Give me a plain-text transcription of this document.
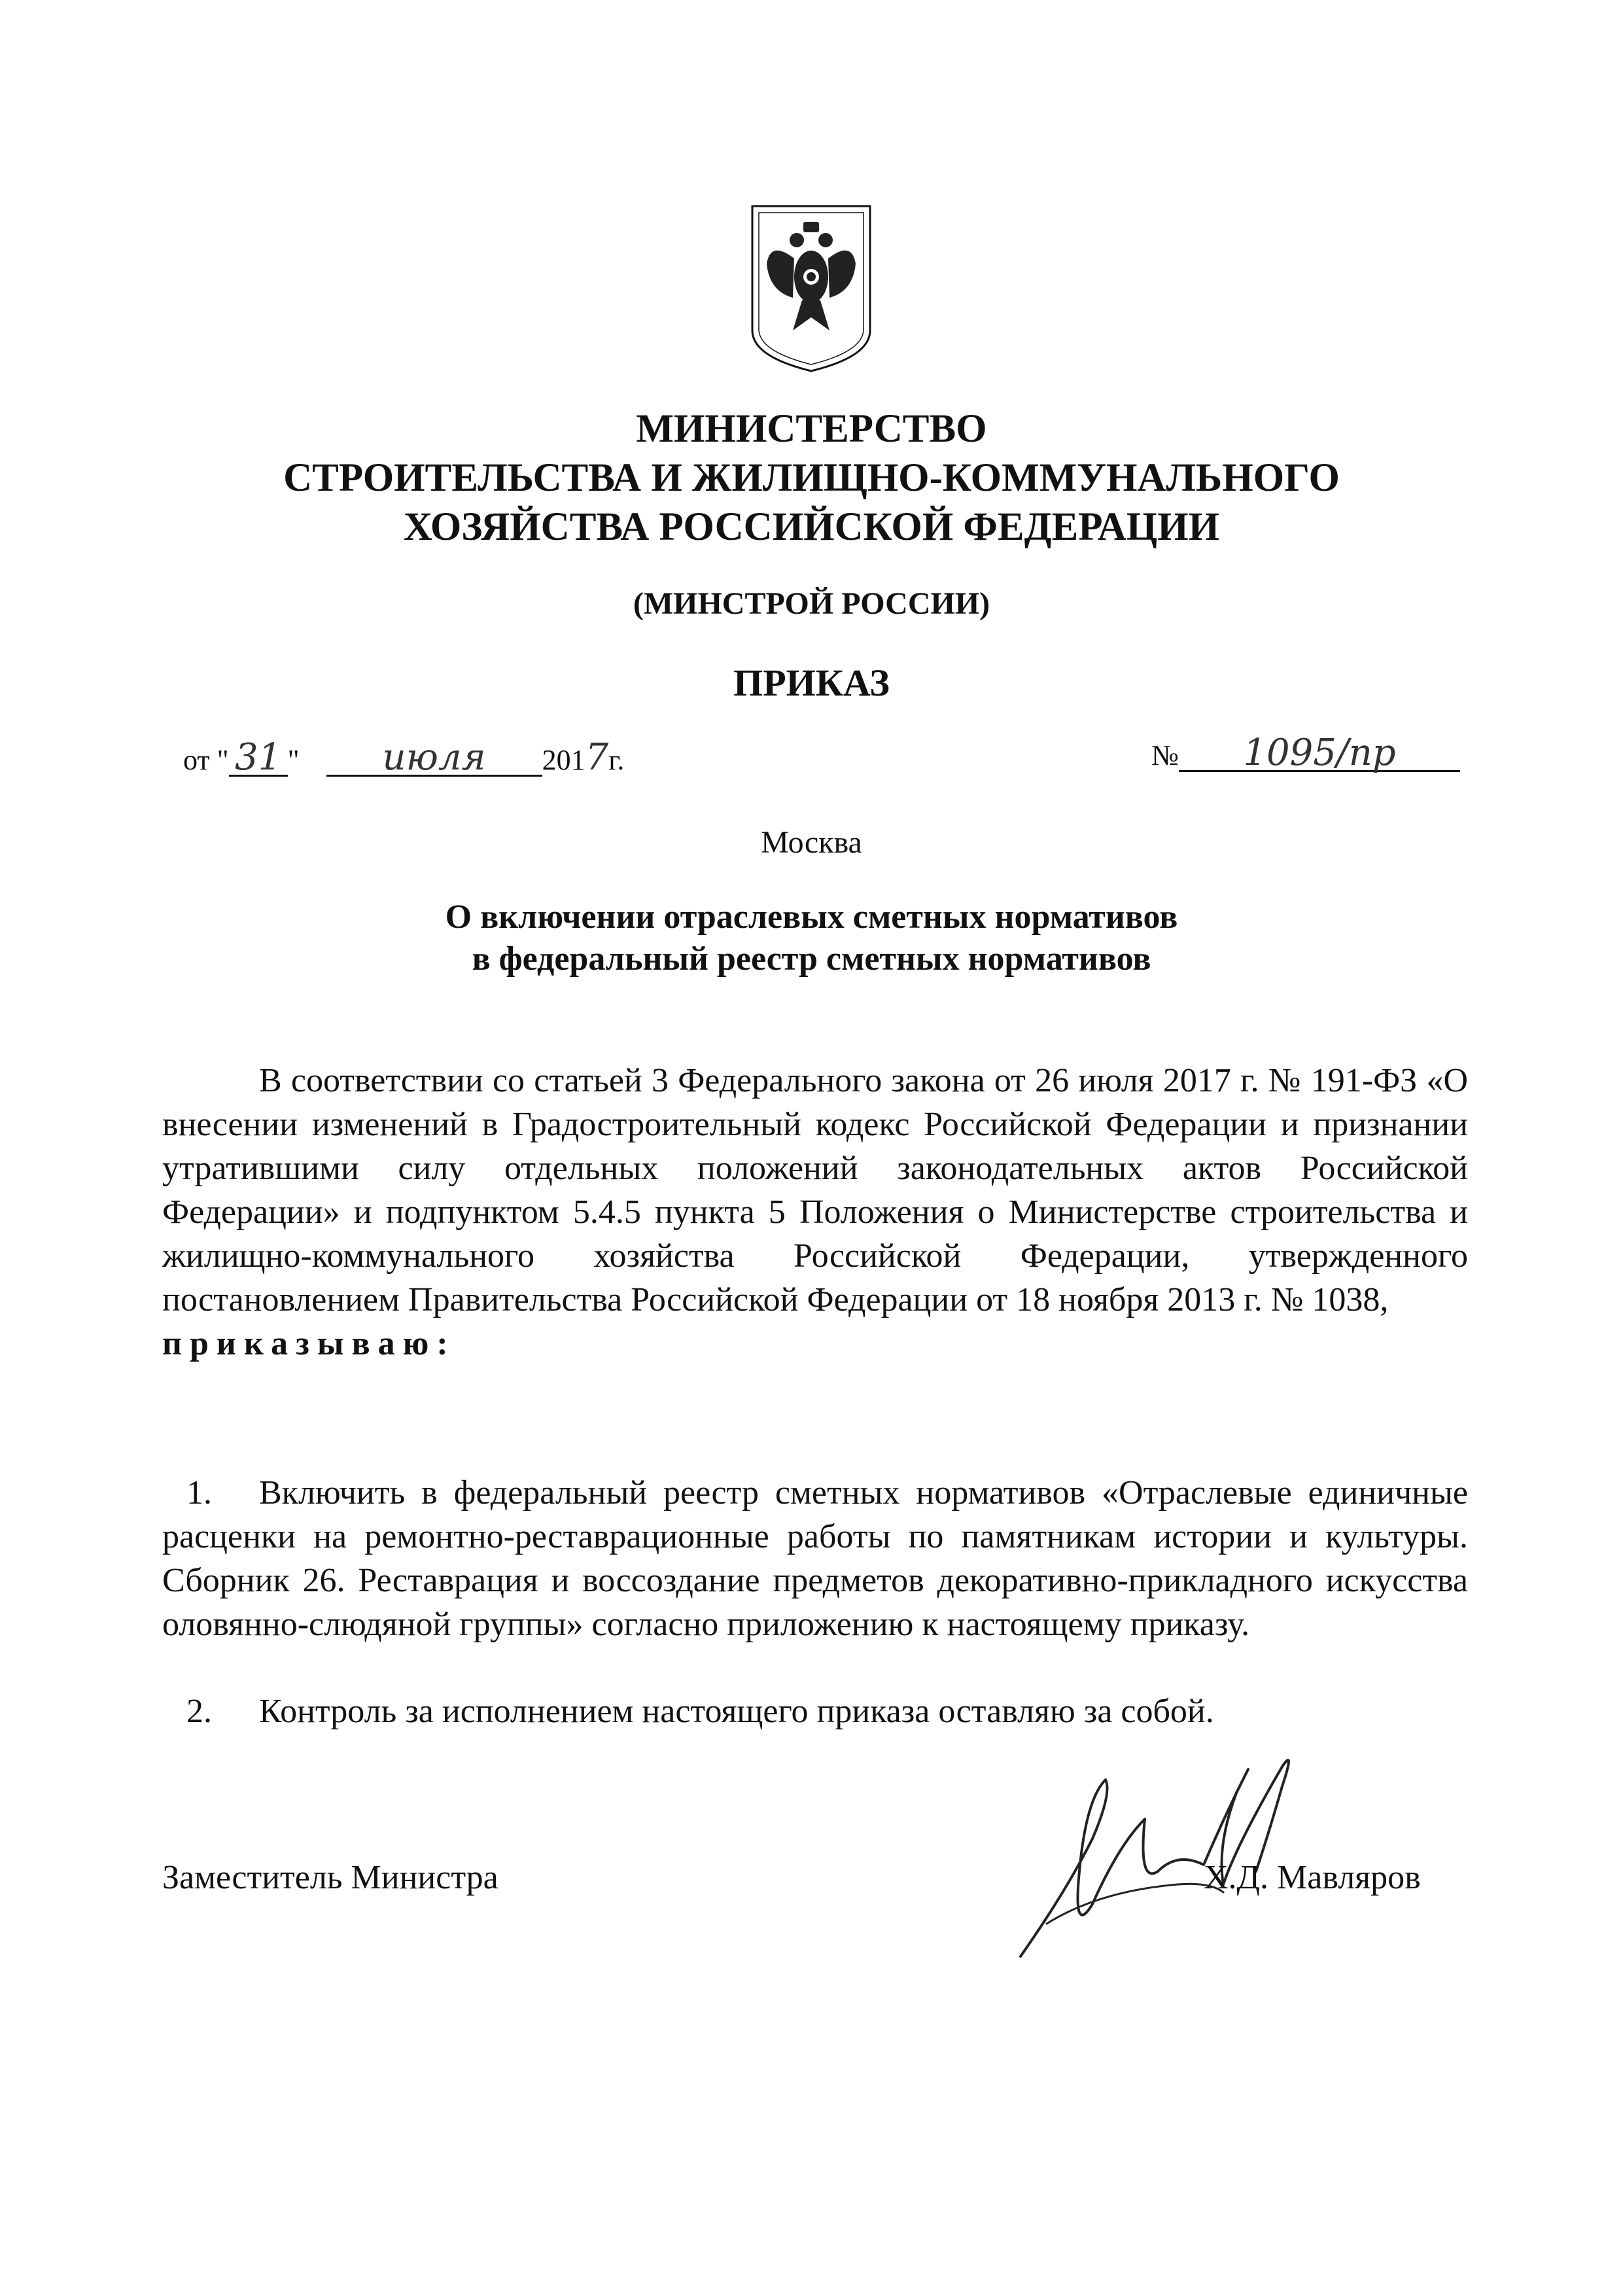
МИНИСТЕРСТВО
СТРОИТЕЛЬСТВА И ЖИЛИЩНО-КОММУНАЛЬНОГО
ХОЗЯЙСТВА РОССИЙСКОЙ ФЕДЕРАЦИИ
(МИНСТРОЙ РОССИИ)
ПРИКАЗ
от " 31 " июля 2017г.	№ 1095/пр
Москва
О включении отраслевых сметных нормативов
в федеральный реестр сметных нормативов
В соответствии со статьей 3 Федерального закона от 26 июля 2017 г. № 191-ФЗ «О внесении изменений в Градостроительный кодекс Российской Федерации и признании утратившими силу отдельных положений законодательных актов Российской Федерации» и подпунктом 5.4.5 пункта 5 Положения о Министерстве строительства и жилищно-коммунального хозяйства Российской Федерации, утвержденного постановлением Правительства Российской Федерации от 18 ноября 2013 г. № 1038,
приказываю:
1. Включить в федеральный реестр сметных нормативов «Отраслевые единичные расценки на ремонтно-реставрационные работы по памятникам истории и культуры. Сборник 26. Реставрация и воссоздание предметов декоративно-прикладного искусства оловянно-слюдяной группы» согласно приложению к настоящему приказу.
2. Контроль за исполнением настоящего приказа оставляю за собой.
Заместитель Министра	Х.Д. Мавляров
